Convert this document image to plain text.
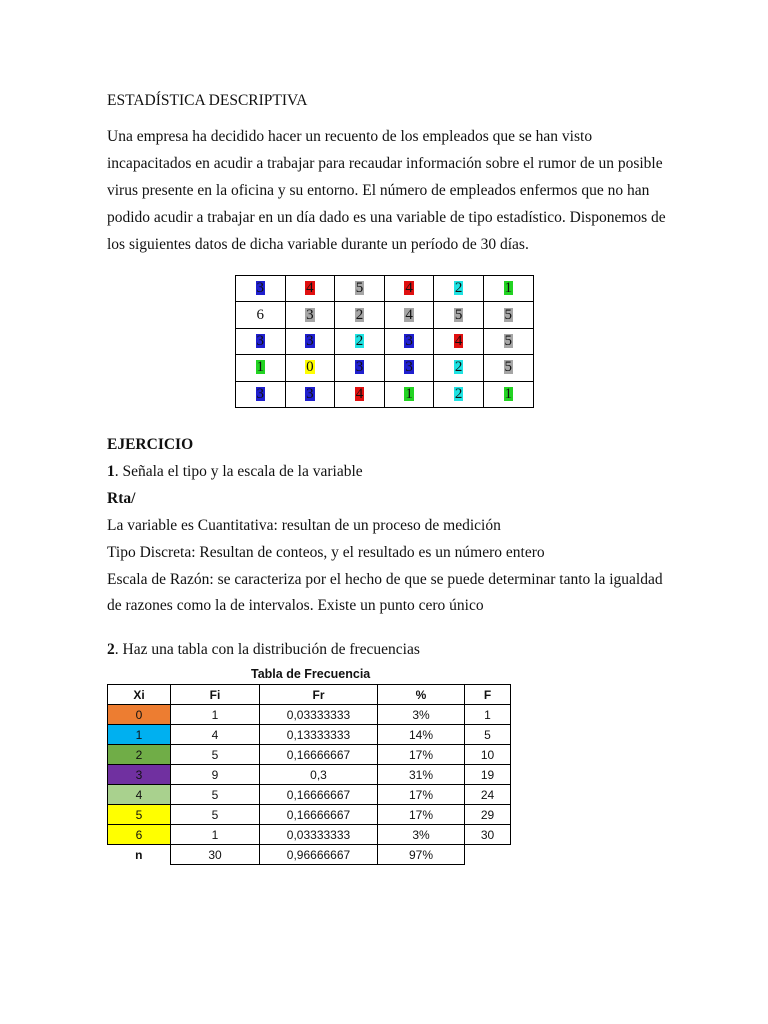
ESTADÍSTICA DESCRIPTIVA
Una empresa ha decidido hacer un recuento de los empleados que se han visto
incapacitados en acudir a trabajar para recaudar información sobre el rumor de un posible
virus presente en la oficina y su entorno. El número de empleados enfermos que no han
podido acudir a trabajar en un día dado es una variable de tipo estadístico. Disponemos de
los siguientes datos de dicha variable durante un período de 30 días.
3	4	5	4	2	1
6	3	2	4	5	5
3	3	2	3	4	5
1	0	3	3	2	5
3	3	4	1	2	1
EJERCICIO
1. Señala el tipo y la escala de la variable
Rta/
La variable es Cuantitativa: resultan de un proceso de medición
Tipo Discreta: Resultan de conteos, y el resultado es un número entero
Escala de Razón: se caracteriza por el hecho de que se puede determinar tanto la igualdad
de razones como la de intervalos. Existe un punto cero único
2. Haz una tabla con la distribución de frecuencias
Tabla de Frecuencia
Xi	Fi	Fr	%	F
0	1	0,03333333	3%	1
1	4	0,13333333	14%	5
2	5	0,16666667	17%	10
3	9	0,3	31%	19
4	5	0,16666667	17%	24
5	5	0,16666667	17%	29
6	1	0,03333333	3%	30
n	30	0,96666667	97%	
